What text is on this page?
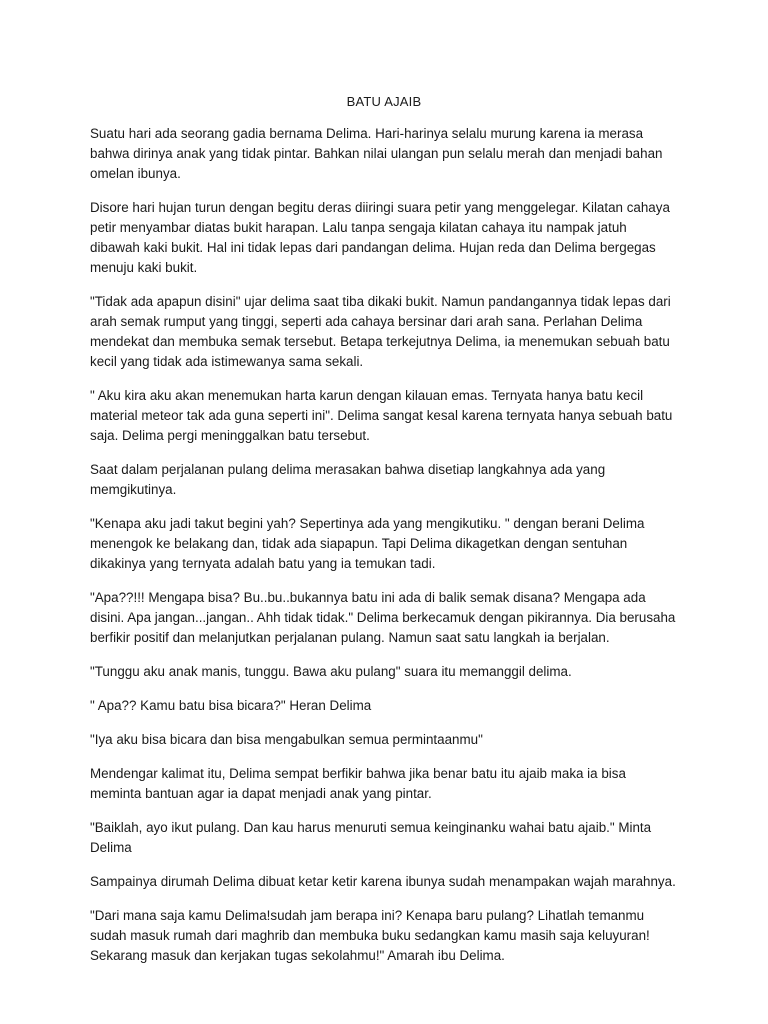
BATU AJAIB

Suatu hari ada seorang gadia bernama Delima. Hari-harinya selalu murung karena ia merasa bahwa dirinya anak yang tidak pintar. Bahkan nilai ulangan pun selalu merah dan menjadi bahan omelan ibunya.

Disore hari hujan turun dengan begitu deras diiringi suara petir yang menggelegar. Kilatan cahaya petir menyambar diatas bukit harapan. Lalu tanpa sengaja kilatan cahaya itu nampak jatuh dibawah kaki bukit. Hal ini tidak lepas dari pandangan delima. Hujan reda dan Delima bergegas menuju kaki bukit.

"Tidak ada apapun disini" ujar delima saat tiba dikaki bukit. Namun pandangannya tidak lepas dari arah semak rumput yang tinggi, seperti ada cahaya bersinar dari arah sana. Perlahan Delima mendekat dan membuka semak tersebut. Betapa terkejutnya Delima, ia menemukan sebuah batu kecil yang tidak ada istimewanya sama sekali.

" Aku kira aku akan menemukan harta karun dengan kilauan emas. Ternyata hanya batu kecil material meteor tak ada guna seperti ini". Delima sangat kesal karena ternyata hanya sebuah batu saja. Delima pergi meninggalkan batu tersebut.

Saat dalam perjalanan pulang delima merasakan bahwa disetiap langkahnya ada yang memgikutinya.

"Kenapa aku jadi takut begini yah? Sepertinya ada yang mengikutiku. " dengan berani Delima menengok ke belakang dan, tidak ada siapapun. Tapi Delima dikagetkan dengan sentuhan dikakinya yang ternyata adalah batu yang ia temukan tadi.

"Apa??!!! Mengapa bisa? Bu..bu..bukannya batu ini ada di balik semak disana? Mengapa ada disini. Apa jangan...jangan.. Ahh tidak tidak." Delima berkecamuk dengan pikirannya. Dia berusaha berfikir positif dan melanjutkan perjalanan pulang. Namun saat satu langkah ia berjalan.

"Tunggu aku anak manis, tunggu. Bawa aku pulang" suara itu memanggil delima.

" Apa?? Kamu batu bisa bicara?" Heran Delima

"Iya aku bisa bicara dan bisa mengabulkan semua permintaanmu"

Mendengar kalimat itu, Delima sempat berfikir bahwa jika benar batu itu ajaib maka ia bisa meminta bantuan agar ia dapat menjadi anak yang pintar.

"Baiklah, ayo ikut pulang. Dan kau harus menuruti semua keinginanku wahai batu ajaib." Minta Delima

Sampainya dirumah Delima dibuat ketar ketir karena ibunya sudah menampakan wajah marahnya.

"Dari mana saja kamu Delima!sudah jam berapa ini? Kenapa baru pulang? Lihatlah temanmu sudah masuk rumah dari maghrib dan membuka buku sedangkan kamu masih saja keluyuran! Sekarang masuk dan kerjakan tugas sekolahmu!" Amarah ibu Delima.
